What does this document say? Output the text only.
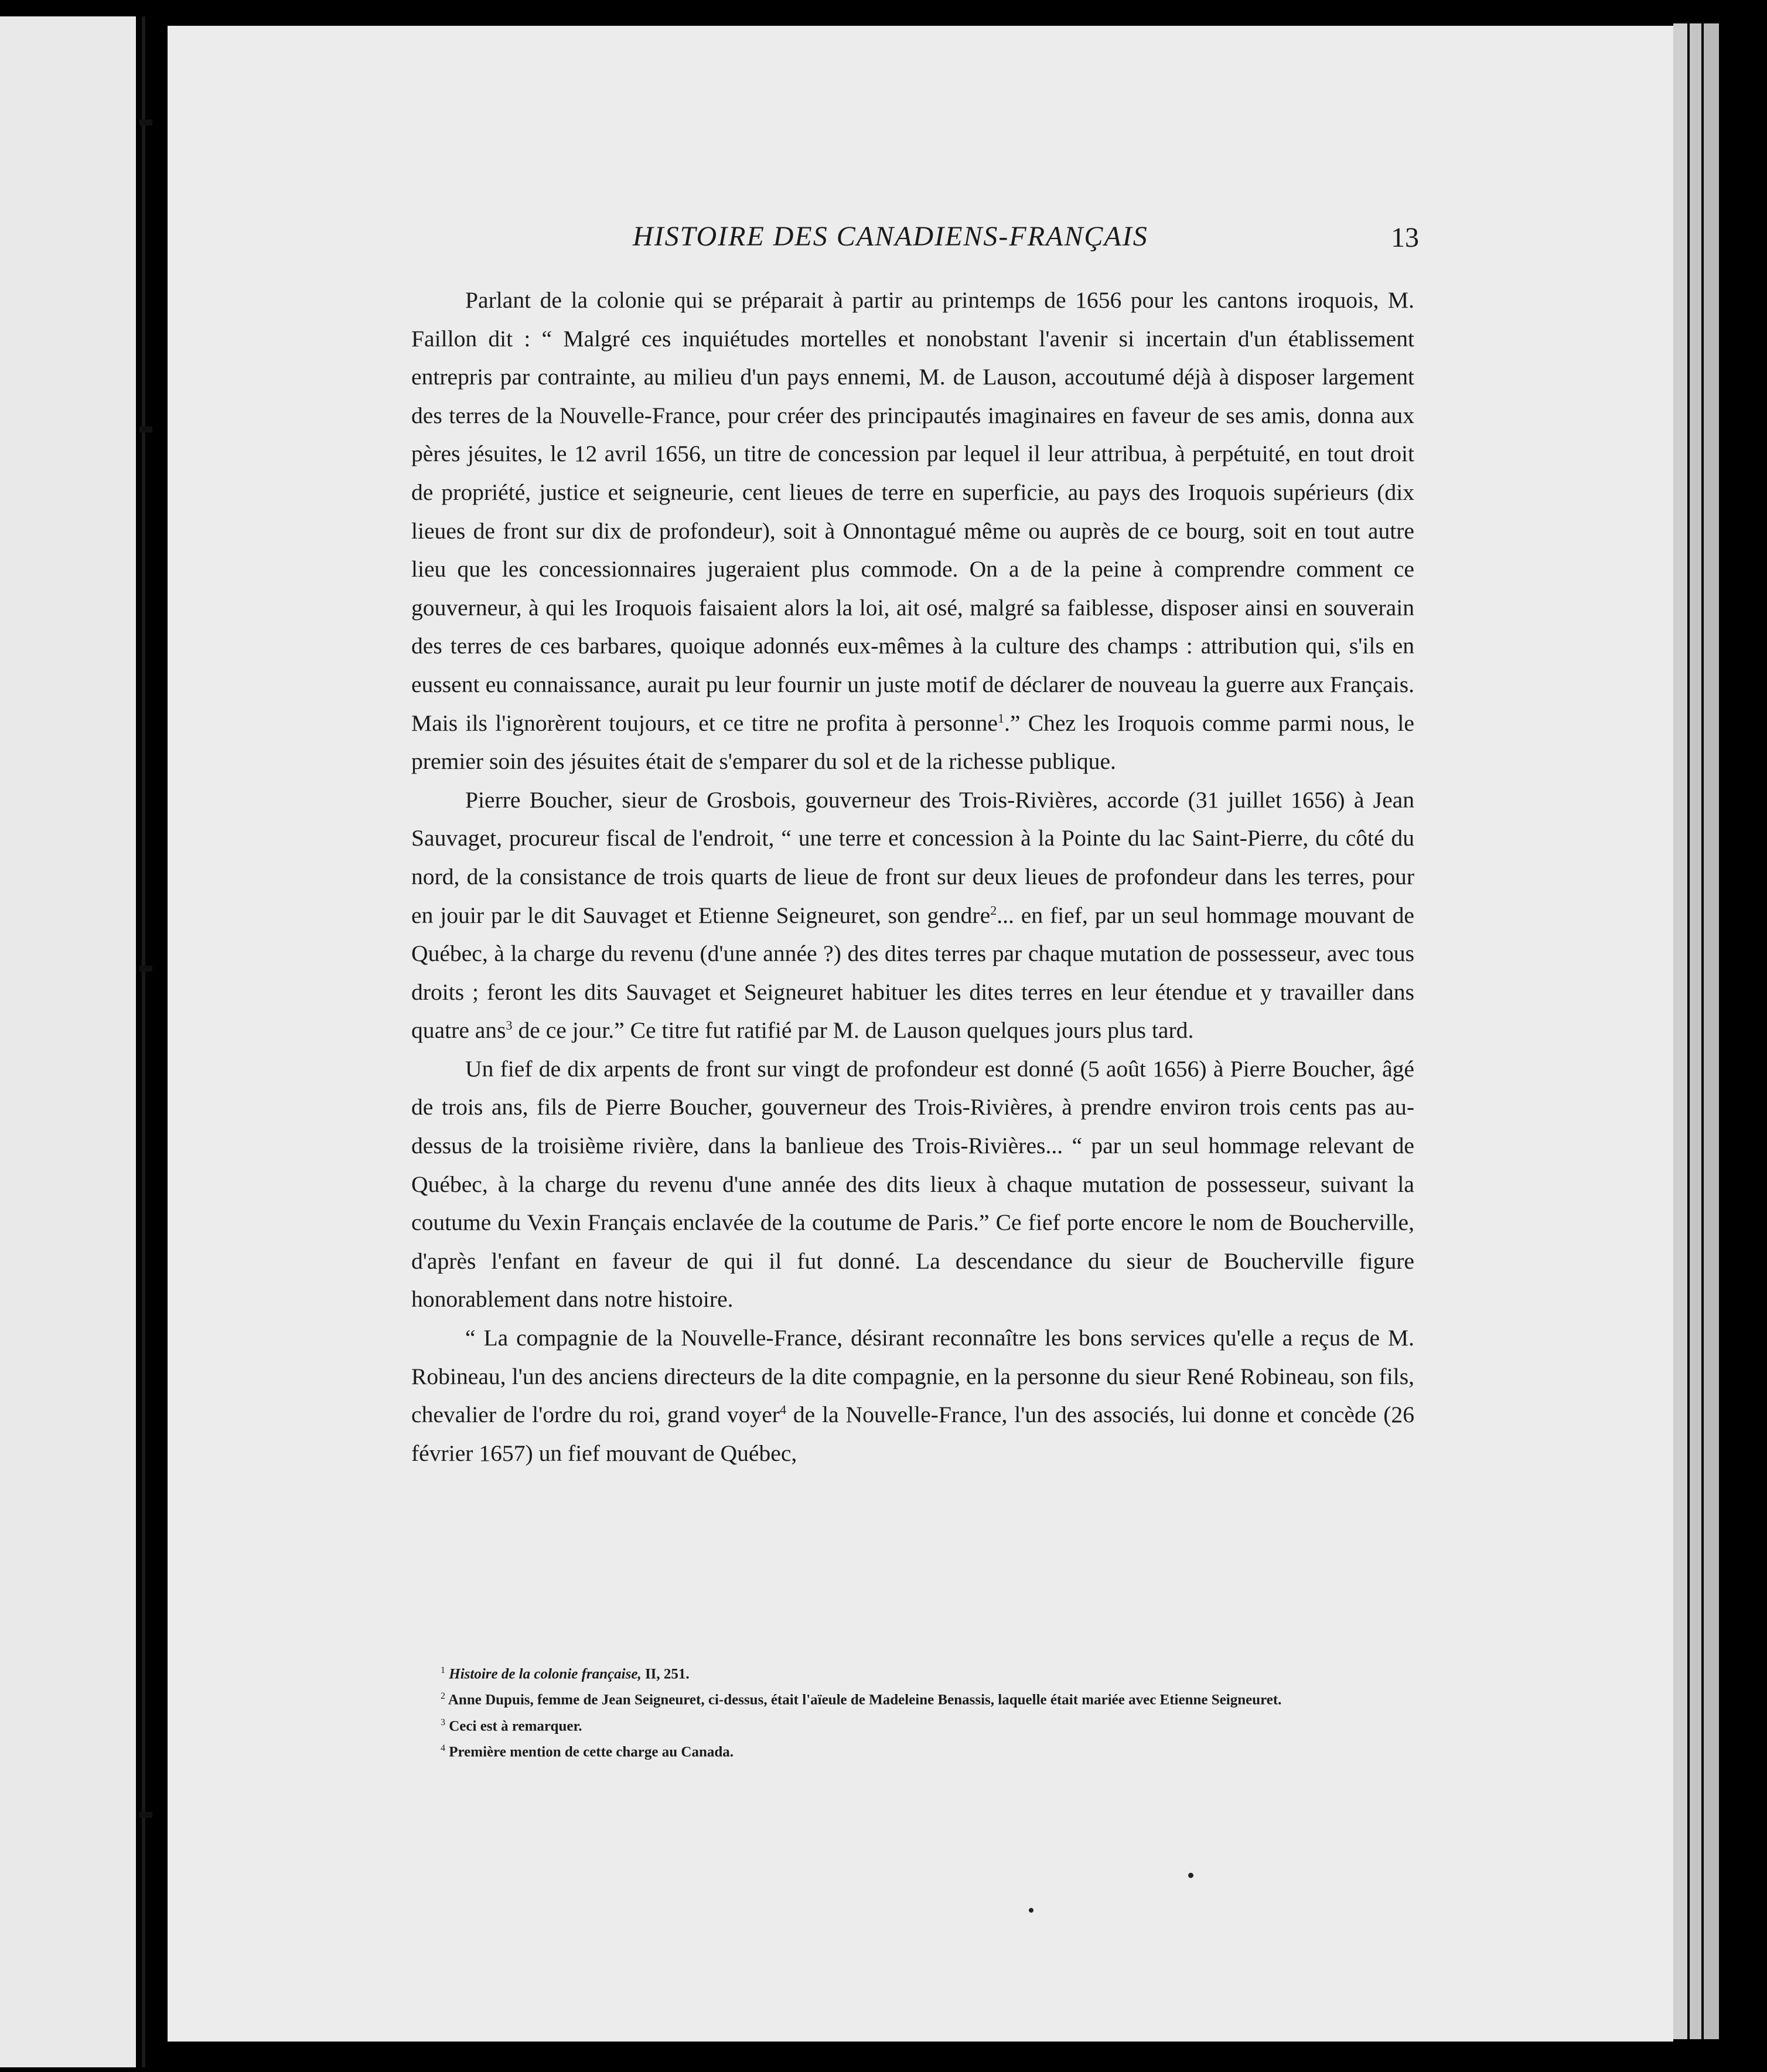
HISTOIRE DES CANADIENS-FRANÇAIS	13

Parlant de la colonie qui se préparait à partir au printemps de 1656 pour les cantons iroquois, M. Faillon dit : “ Malgré ces inquiétudes mortelles et nonobstant l'avenir si incertain d'un établissement entrepris par contrainte, au milieu d'un pays ennemi, M. de Lauson, accoutumé déjà à disposer largement des terres de la Nouvelle-France, pour créer des principautés imaginaires en faveur de ses amis, donna aux pères jésuites, le 12 avril 1656, un titre de concession par lequel il leur attribua, à perpétuité, en tout droit de propriété, justice et seigneurie, cent lieues de terre en superficie, au pays des Iroquois supérieurs (dix lieues de front sur dix de profondeur), soit à Onnontagué même ou auprès de ce bourg, soit en tout autre lieu que les concessionnaires jugeraient plus commode. On a de la peine à comprendre comment ce gouverneur, à qui les Iroquois faisaient alors la loi, ait osé, malgré sa faiblesse, disposer ainsi en souverain des terres de ces barbares, quoique adonnés eux-mêmes à la culture des champs : attribution qui, s'ils en eussent eu connaissance, aurait pu leur fournir un juste motif de déclarer de nouveau la guerre aux Français. Mais ils l'ignorèrent toujours, et ce titre ne profita à personne$^1$.” Chez les Iroquois comme parmi nous, le premier soin des jésuites était de s'emparer du sol et de la richesse publique.

Pierre Boucher, sieur de Grosbois, gouverneur des Trois-Rivières, accorde (31 juillet 1656) à Jean Sauvaget, procureur fiscal de l'endroit, “ une terre et concession à la Pointe du lac Saint-Pierre, du côté du nord, de la consistance de trois quarts de lieue de front sur deux lieues de profondeur dans les terres, pour en jouir par le dit Sauvaget et Etienne Seigneuret, son gendre$^2$... en fief, par un seul hommage mouvant de Québec, à la charge du revenu (d'une année ?) des dites terres par chaque mutation de possesseur, avec tous droits ; feront les dits Sauvaget et Seigneuret habituer les dites terres en leur étendue et y travailler dans quatre ans$^3$ de ce jour.” Ce titre fut ratifié par M. de Lauson quelques jours plus tard.

Un fief de dix arpents de front sur vingt de profondeur est donné (5 août 1656) à Pierre Boucher, âgé de trois ans, fils de Pierre Boucher, gouverneur des Trois-Rivières, à prendre environ trois cents pas au-dessus de la troisième rivière, dans la banlieue des Trois-Rivières... “ par un seul hommage relevant de Québec, à la charge du revenu d'une année des dits lieux à chaque mutation de possesseur, suivant la coutume du Vexin Français enclavée de la coutume de Paris.” Ce fief porte encore le nom de Boucherville, d'après l'enfant en faveur de qui il fut donné. La descendance du sieur de Boucherville figure honorablement dans notre histoire.

“ La compagnie de la Nouvelle-France, désirant reconnaître les bons services qu'elle a reçus de M. Robineau, l'un des anciens directeurs de la dite compagnie, en la personne du sieur René Robineau, son fils, chevalier de l'ordre du roi, grand voyer$^4$ de la Nouvelle-France, l'un des associés, lui donne et concède (26 février 1657) un fief mouvant de Québec,

$^1$ Histoire de la colonie française, II, 251.

$^2$ Anne Dupuis, femme de Jean Seigneuret, ci-dessus, était l'aïeule de Madeleine Benassis, laquelle était mariée avec Etienne Seigneuret.

$^3$ Ceci est à remarquer.

$^4$ Première mention de cette charge au Canada.
